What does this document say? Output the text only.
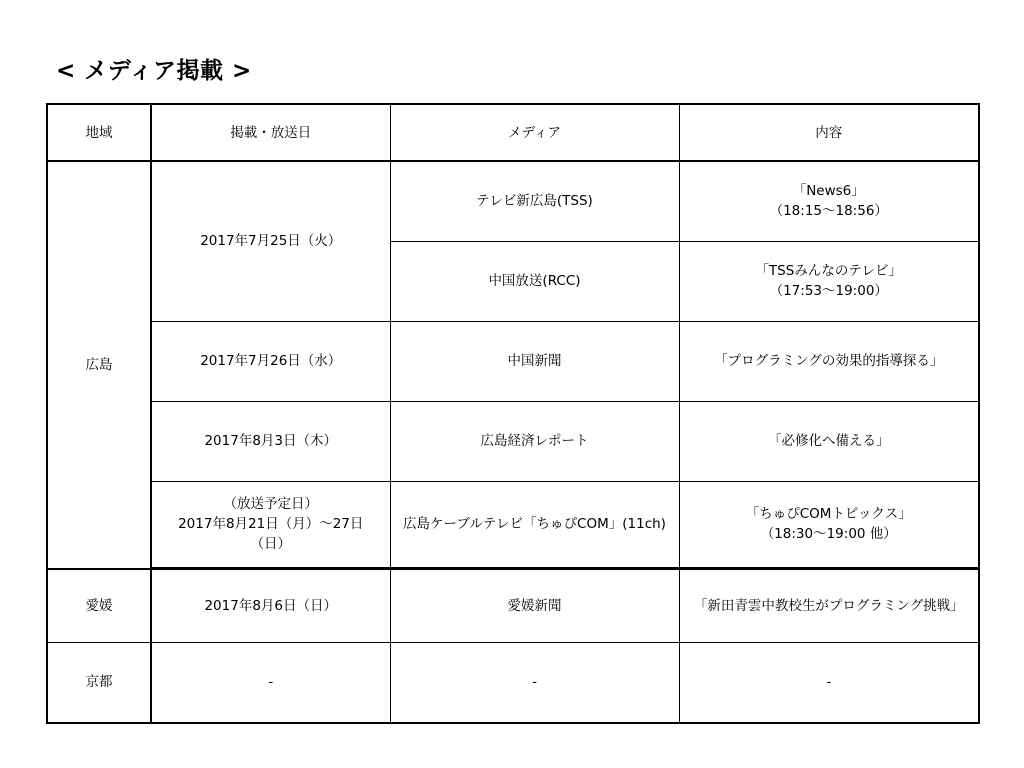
< メディア掲載 >
地域	掲載・放送日	メディア	内容
広島	2017年7月25日（火）	テレビ新広島(TSS)	「News6」
（18:15〜18:56）

		中国放送(RCC)	「TSSみんなのテレビ」
（17:53〜19:00）

	2017年7月26日（水）	中国新聞	「プログラミングの効果的指導探る」

	2017年8月3日（木）	広島経済レポート	「必修化へ備える」

	（放送予定日）
2017年8月21日（月）〜27日
（日）	広島ケーブルテレビ「ちゅぴCOM」(11ch)	「ちゅぴCOMトピックス」
（18:30〜19:00 他）

愛媛	2017年8月6日（日）	愛媛新聞	「新田青雲中教校生がプログラミング挑戦」

京都	-	-	-
